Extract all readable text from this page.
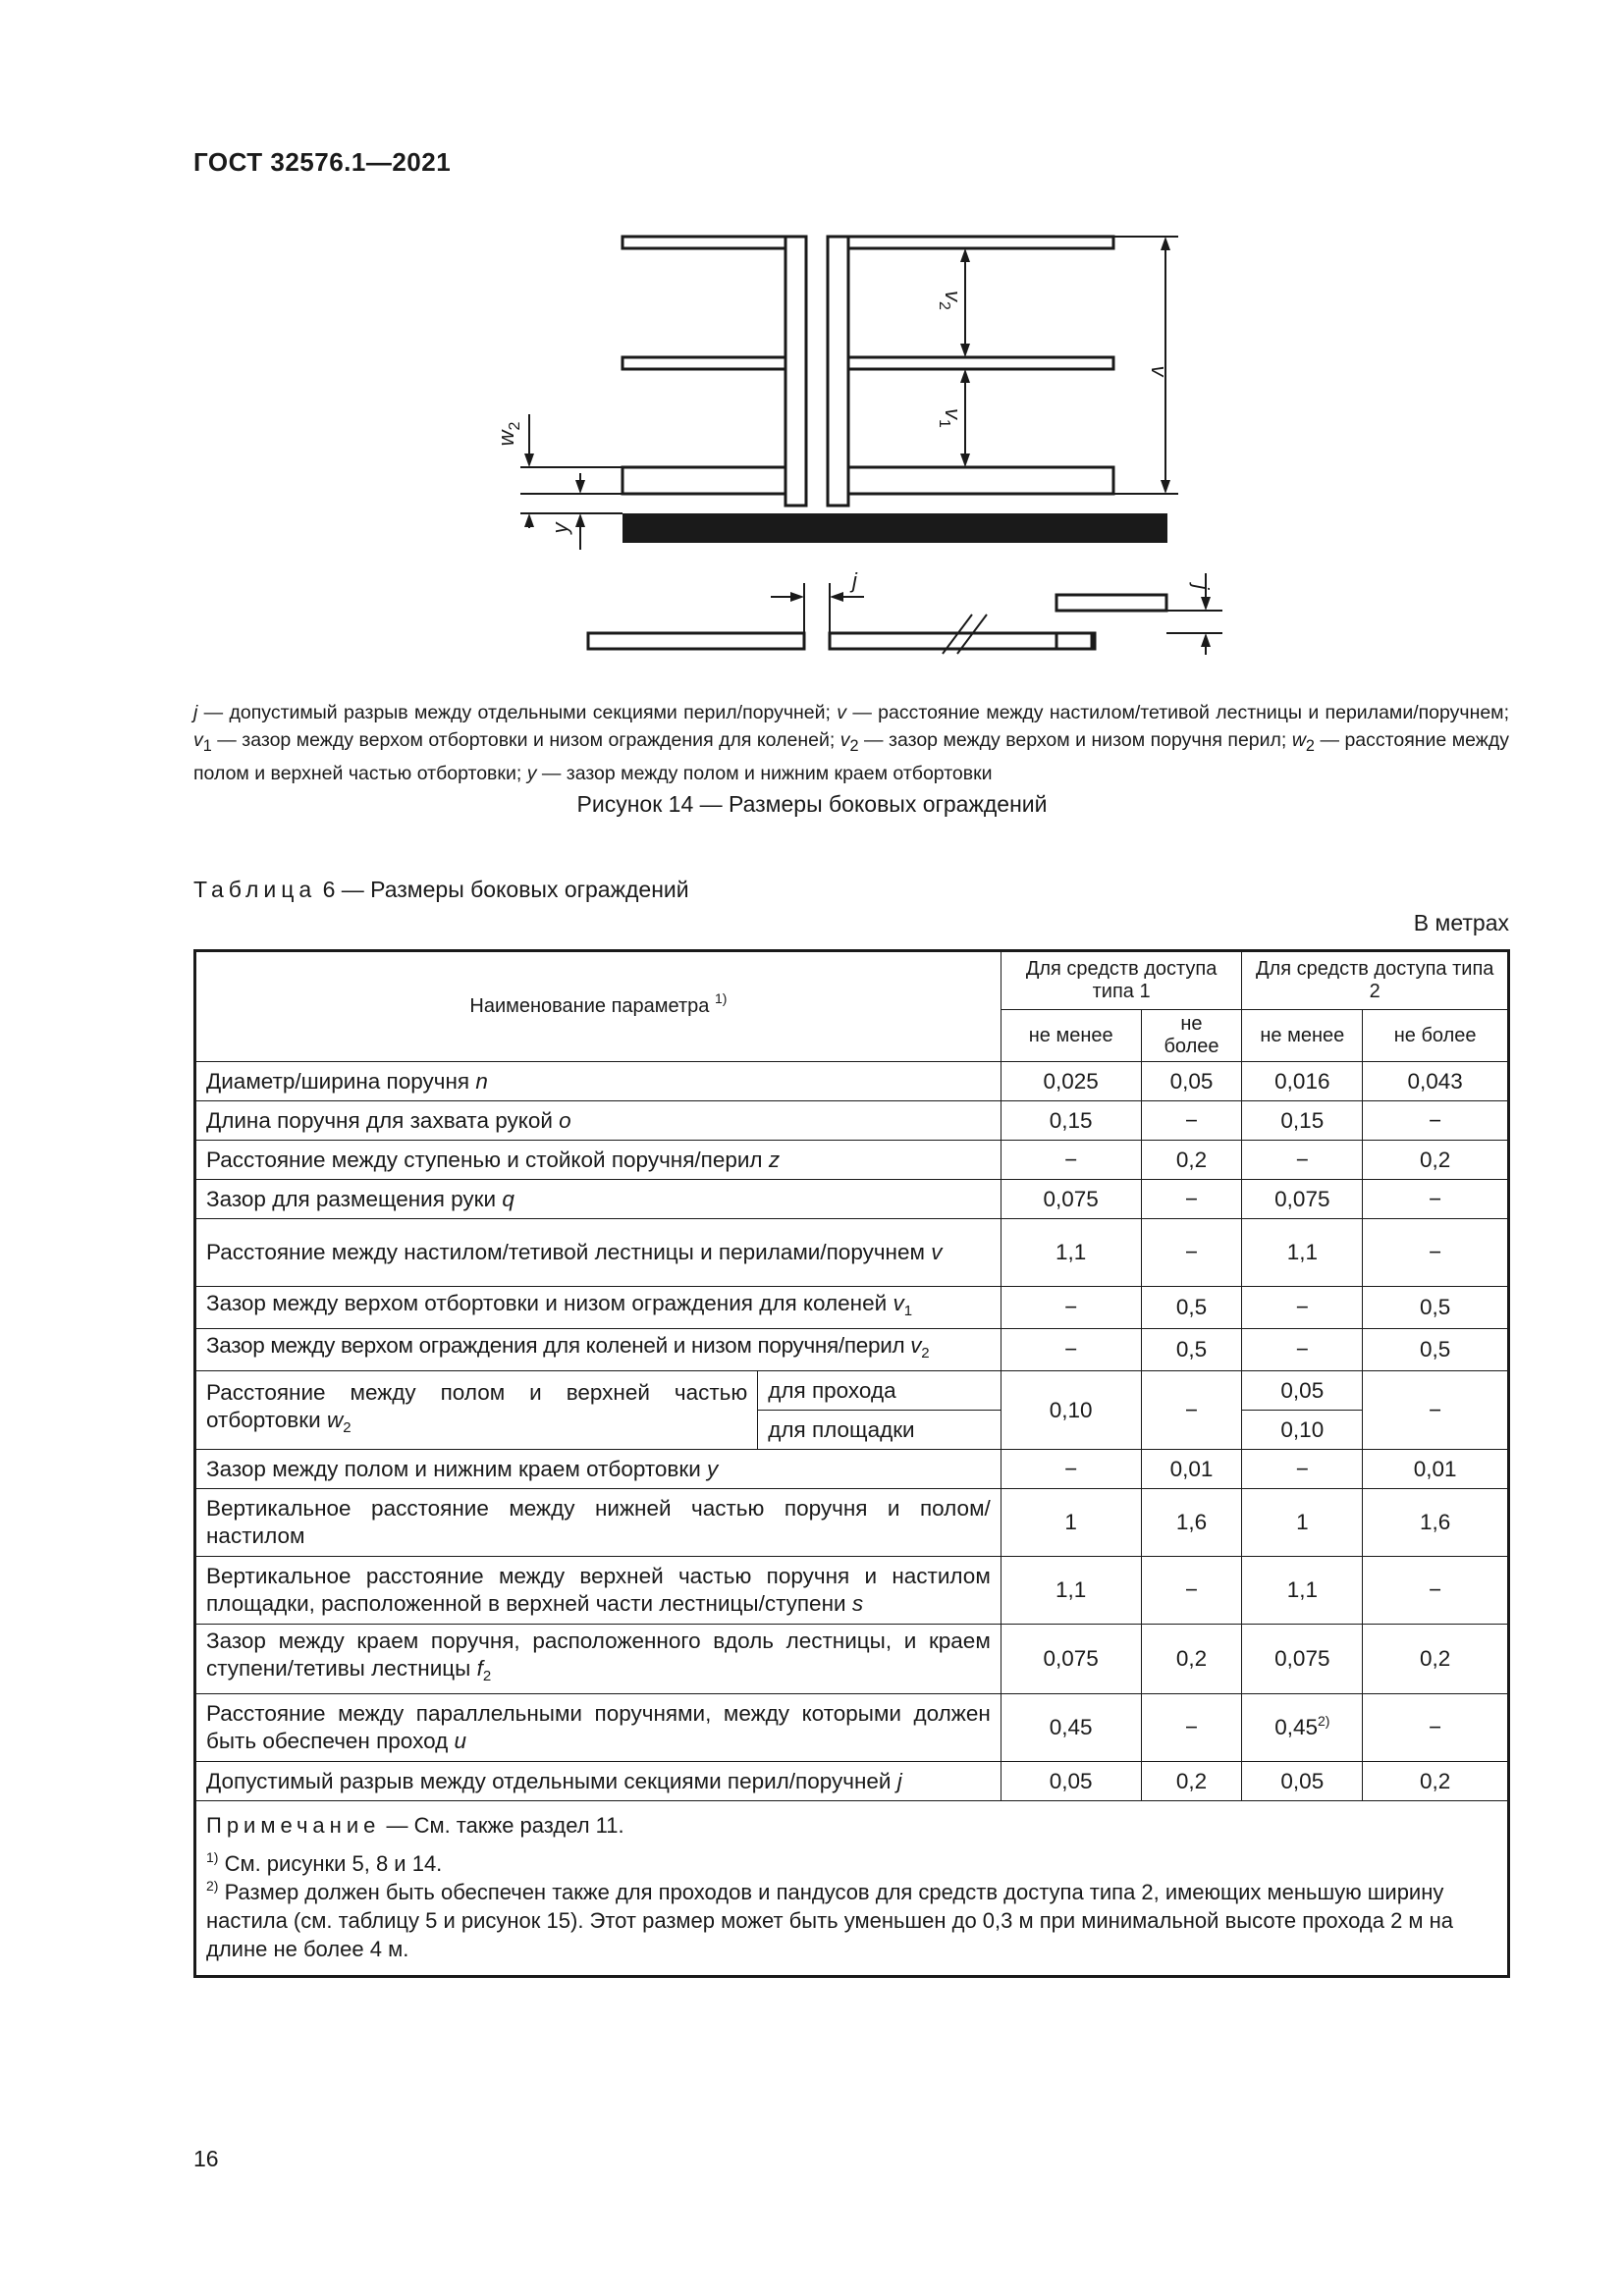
ГОСТ 32576.1—2021
v
$v_2$
$v_1$
$w_2$
y
j	j
j — допустимый разрыв между отдельными секциями перил/поручней; v — расстояние между настилом/тетивой лестницы и перилами/поручнем; $v_1$ — зазор между верхом отбортовки и низом ограждения для коленей; $v_2$ — зазор между верхом и низом поручня перил; $w_2$ — расстояние между полом и верхней частью отбортовки; y — зазор между полом и нижним краем отбортовки
Рисунок 14 — Размеры боковых ограждений
Таблица 6 — Размеры боковых ограждений
В метрах
Наименование параметра $^{1)}$		Для средств доступа типа 1		Для средств доступа типа 2	
		не менее	не более	не менее	не более
Диаметр/ширина поручня n		0,025	0,05	0,016	0,043
Длина поручня для захвата рукой o		0,15	−	0,15	−
Расстояние между ступенью и стойкой поручня/перил z		−	0,2	−	0,2
Зазор для размещения руки q		0,075	−	0,075	−
Расстояние между настилом/тетивой лестницы и перилами/поручнем v		1,1	−	1,1	−
Зазор между верхом отбортовки и низом ограждения для коленей $v_1$		−	0,5	−	0,5
Зазор между верхом ограждения для коленей и низом поручня/перил $v_2$		−	0,5	−	0,5
Расстояние между полом и верхней частью отбортовки $w_2$	для прохода	0,10	−	0,05	−
	для площадки			0,10	
Зазор между полом и нижним краем отбортовки y		−	0,01	−	0,01
Вертикальное расстояние между нижней частью поручня и полом/настилом		1	1,6	1	1,6
Вертикальное расстояние между верхней частью поручня и настилом площадки, расположенной в верхней части лестницы/ступени s		1,1	−	1,1	−
Зазор между краем поручня, расположенного вдоль лестницы, и краем ступени/тетивы лестницы $f_2$		0,075	0,2	0,075	0,2
Расстояние между параллельными поручнями, между которыми должен быть обеспечен проход u		0,45	−	$0,45^{2)}$	−
Допустимый разрыв между отдельными секциями перил/поручней j		0,05	0,2	0,05	0,2

Примечание — См. также раздел 11.

$^{1)}$ См. рисунки 5, 8 и 14.

$^{2)}$ Размер должен быть обеспечен также для проходов и пандусов для средств доступа типа 2, имеющих меньшую ширину настила (см. таблицу 5 и рисунок 15). Этот размер может быть уменьшен до 0,3 м при минимальной высоте прохода 2 м на длине не более 4 м.					

16
